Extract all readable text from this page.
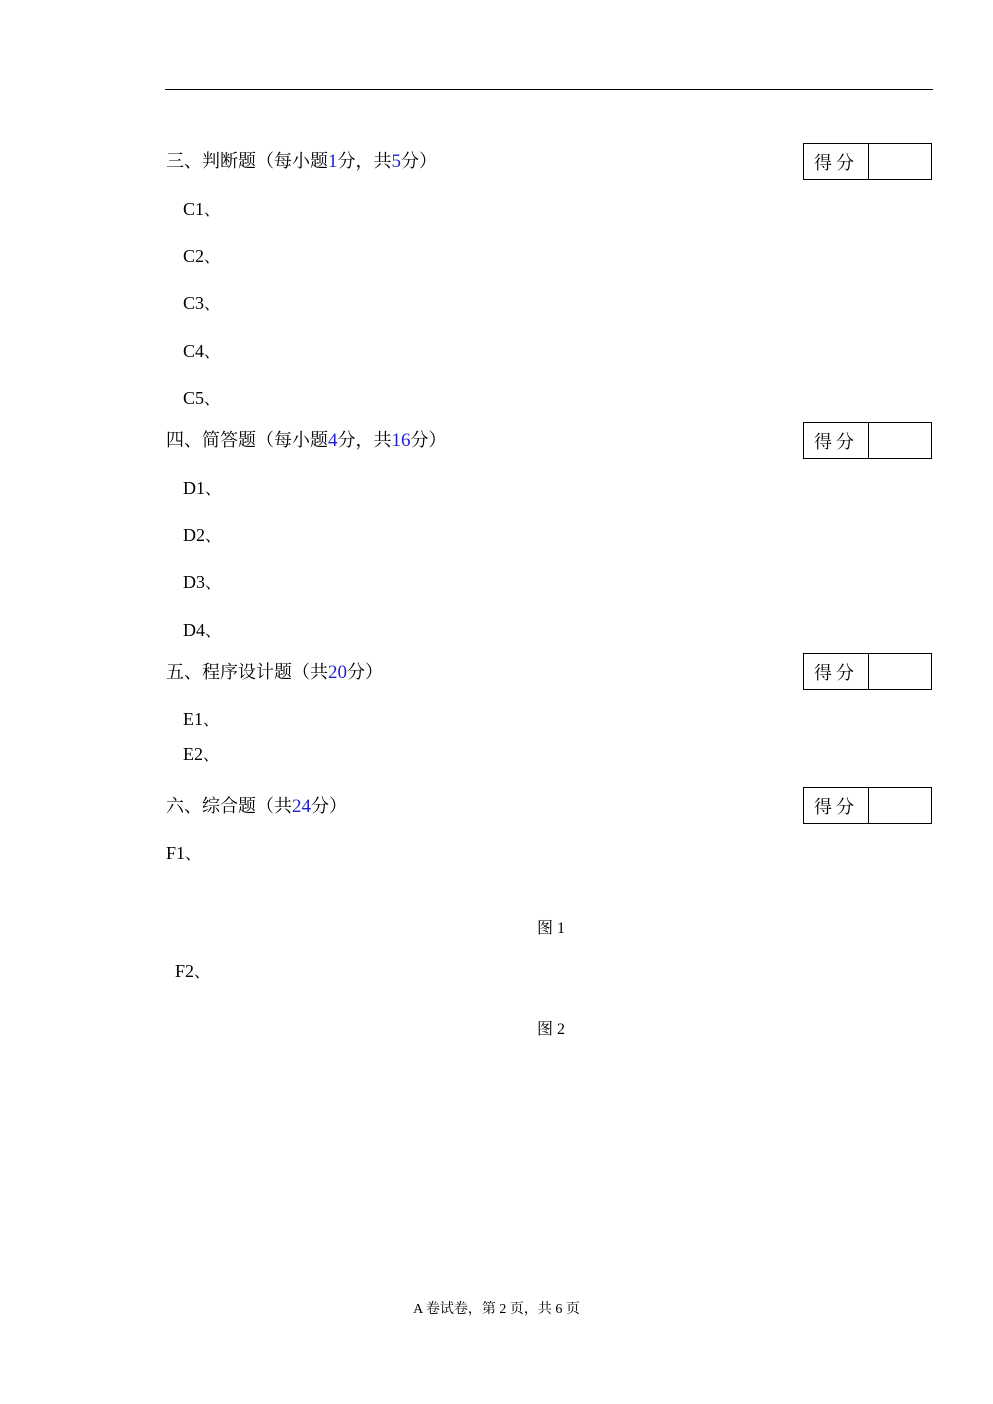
三、判断题（每小题1分，共5分）	得分
C1、
C2、
C3、
C4、
C5、
四、简答题（每小题4分，共16分）	得分
D1、
D2、
D3、
D4、
五、程序设计题（共20分）	得分
E1、
E2、
六、综合题（共24分）	得分
F1、
图 1
F2、
图 2
A 卷试卷，第 2 页，共 6 页
